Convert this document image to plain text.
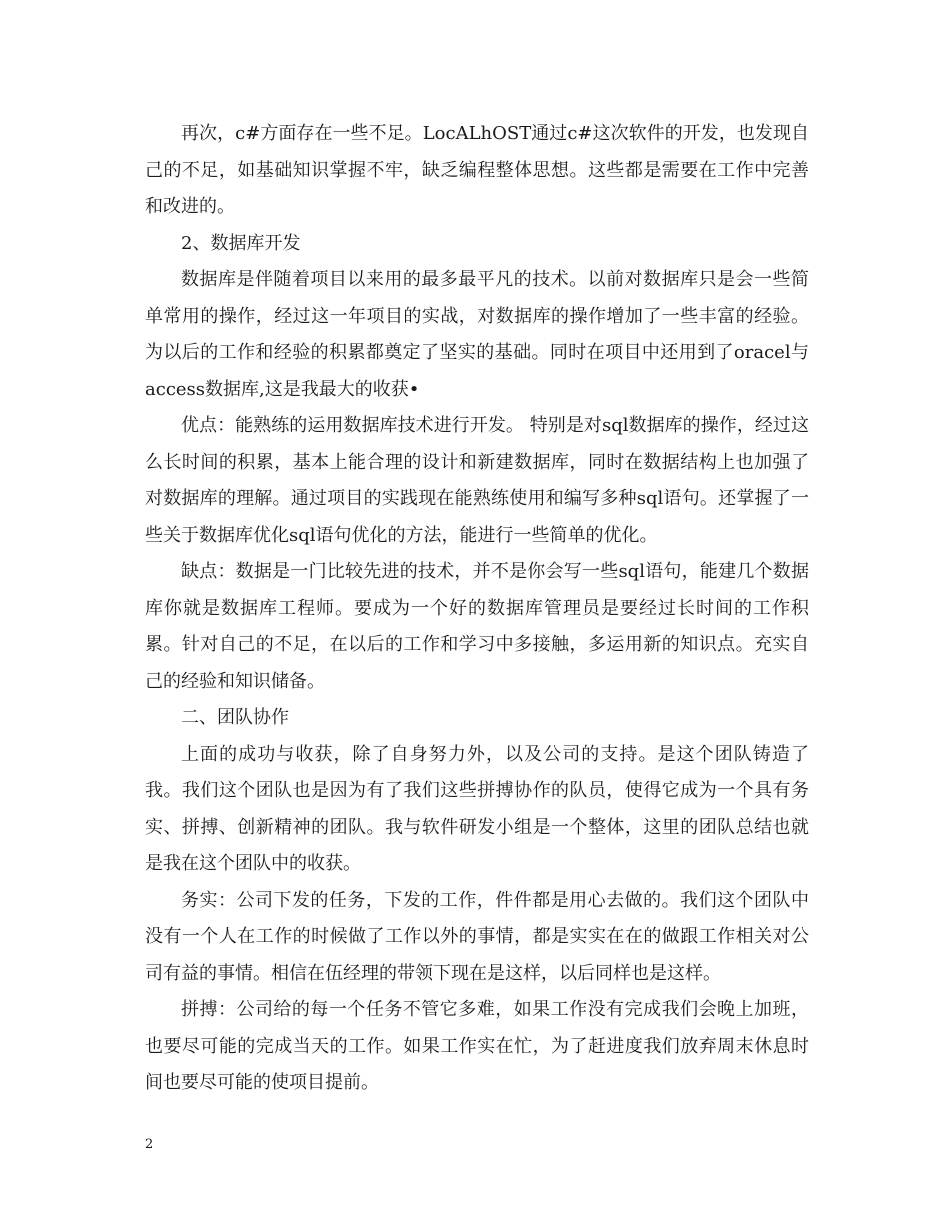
再次，c#方面存在一些不足。LocALhOST通过c#这次软件的开发，也发现自己的不足，如基础知识掌握不牢，缺乏编程整体思想。这些都是需要在工作中完善和改进的。

2、数据库开发

数据库是伴随着项目以来用的最多最平凡的技术。以前对数据库只是会一些简单常用的操作，经过这一年项目的实战，对数据库的操作增加了一些丰富的经验。为以后的工作和经验的积累都奠定了坚实的基础。同时在项目中还用到了oracel与 access数据库,这是我最大的收获•

优点：能熟练的运用数据库技术进行开发。 特别是对sql数据库的操作，经过这么长时间的积累，基本上能合理的设计和新建数据库，同时在数据结构上也加强了对数据库的理解。通过项目的实践现在能熟练使用和编写多种sql语句。还掌握了一些关于数据库优化sql语句优化的方法，能进行一些简单的优化。

缺点：数据是一门比较先进的技术，并不是你会写一些sql语句，能建几个数据库你就是数据库工程师。要成为一个好的数据库管理员是要经过长时间的工作积累。针对自己的不足，在以后的工作和学习中多接触，多运用新的知识点。充实自己的经验和知识储备。

二、团队协作

上面的成功与收获，除了自身努力外，以及公司的支持。是这个团队铸造了我。我们这个团队也是因为有了我们这些拼搏协作的队员，使得它成为一个具有务实、拼搏、创新精神的团队。我与软件研发小组是一个整体，这里的团队总结也就是我在这个团队中的收获。

务实：公司下发的任务，下发的工作，件件都是用心去做的。我们这个团队中没有一个人在工作的时候做了工作以外的事情，都是实实在在的做跟工作相关对公司有益的事情。相信在伍经理的带领下现在是这样，以后同样也是这样。

拼搏：公司给的每一个任务不管它多难，如果工作没有完成我们会晚上加班，也要尽可能的完成当天的工作。如果工作实在忙，为了赶进度我们放弃周末休息时间也要尽可能的使项目提前。

2
